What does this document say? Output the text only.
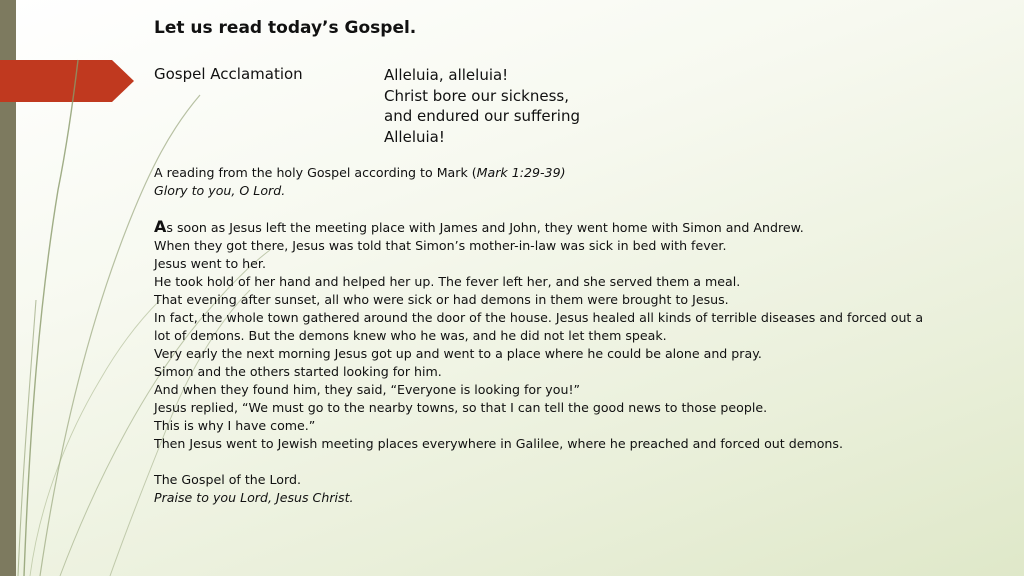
Let us read today’s Gospel.
Gospel Acclamation	Alleluia, alleluia!
Christ bore our sickness,
and endured our suffering
Alleluia!
A reading from the holy Gospel according to Mark (Mark 1:29-39)
Glory to you, O Lord.
As soon as Jesus left the meeting place with James and John, they went home with Simon and Andrew.
When they got there, Jesus was told that Simon’s mother-in-law was sick in bed with fever.
Jesus went to her.
He took hold of her hand and helped her up. The fever left her, and she served them a meal.
That evening after sunset, all who were sick or had demons in them were brought to Jesus.
In fact, the whole town gathered around the door of the house. Jesus healed all kinds of terrible diseases and forced out a
lot of demons. But the demons knew who he was, and he did not let them speak.
Very early the next morning Jesus got up and went to a place where he could be alone and pray.
Simon and the others started looking for him.
And when they found him, they said, “Everyone is looking for you!”
Jesus replied, “We must go to the nearby towns, so that I can tell the good news to those people.
This is why I have come.”
Then Jesus went to Jewish meeting places everywhere in Galilee, where he preached and forced out demons.
The Gospel of the Lord.
Praise to you Lord, Jesus Christ.
